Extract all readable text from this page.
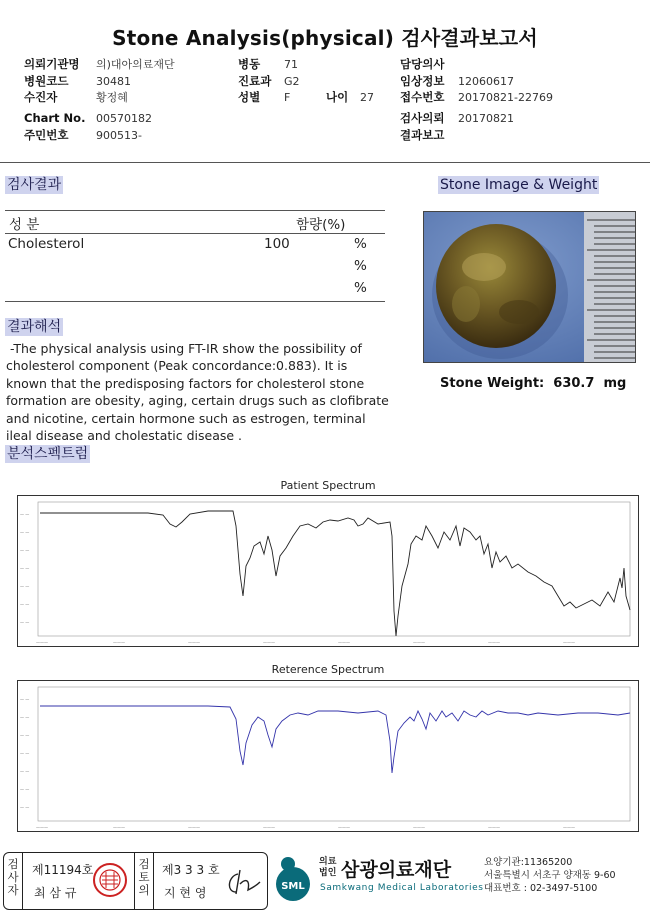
Stone Analysis(physical) 검사결과보고서
의뢰기관명 의)대아의료재단
병원코드	30481
수진자	황정혜
Chart No. 00570182
주민번호	900513-
병동 71
진료과 G2
성별 F	나이 27
담당의사
임상정보 12060617
접수번호 20170821-22769
검사의뢰 20170821
결과보고
검사결과
성 분	함량(%)
Cholesterol	100	%
%
%
Stone Image & Weight
Stone Weight: 630.7 mg
결과해석
-The physical analysis using FT-IR show the possibility of
cholesterol component (Peak concordance:0.883). It is
known that the predisposing factors for cholesterol stone
formation are obesity, aging, certain drugs such as clofibrate
and nicotine, certain hormone such as estrogen, terminal
ileal disease and cholestatic disease .
분석스펙트럼
Patient Spectrum
— —
— —
— —
— —
— —
— —
— —
———	———	———	———	———	———	———	———
Reterence Spectrum
— —
— —
— —
— —
— —
— —
— —
———	———	———	———	———	———	———	———
검
사
자
제11194호
최 삼 규
검
토
의
제3 3 3 호
지 현 영	SML
의료
법인 삼광의료재단
Samkwang Medical Laboratories
요양기관:11365200
서울특별시 서초구 양재동 9-60
대표번호 : 02-3497-5100
